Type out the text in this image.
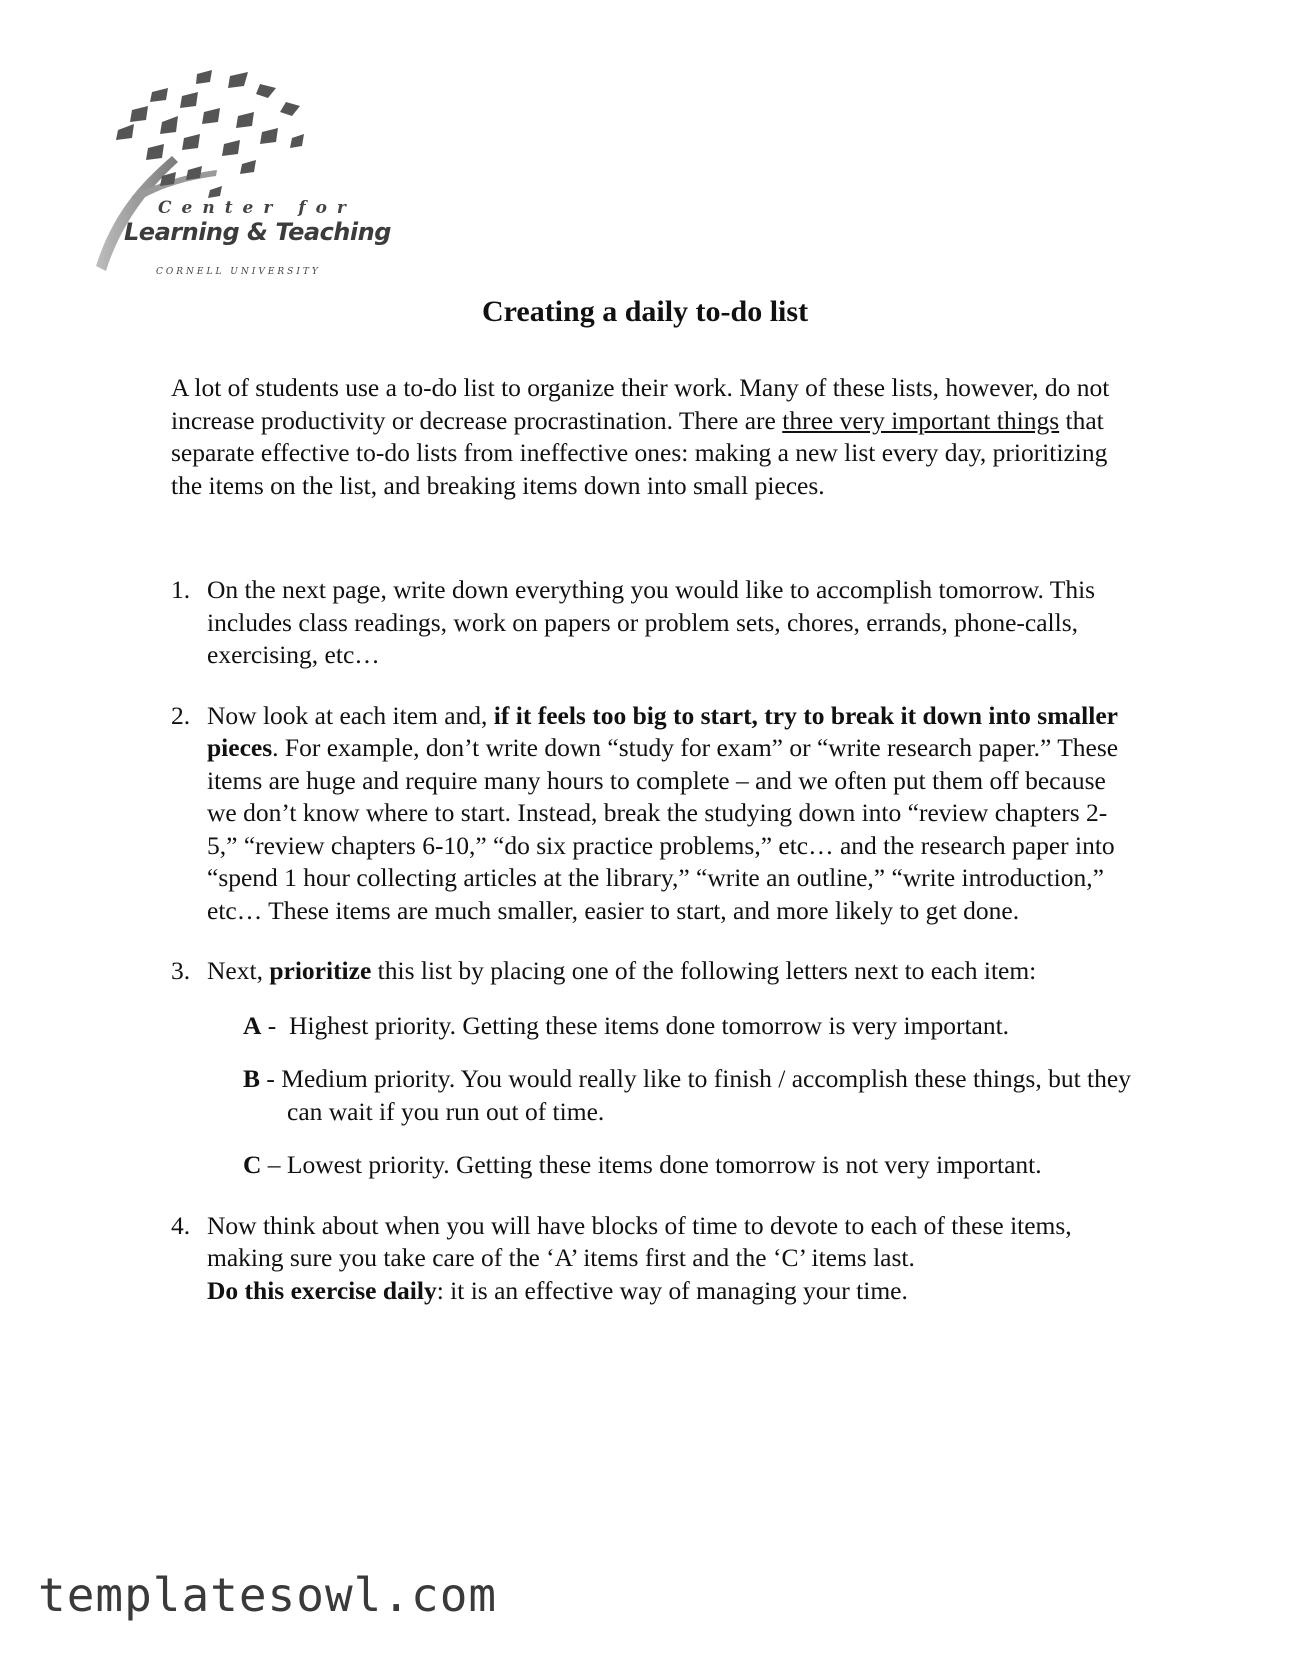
Center for
Learning & Teaching
CORNELL UNIVERSITY
Creating a daily to-do list

A lot of students use a to-do list to organize their work. Many of these lists, however, do not increase productivity or decrease procrastination. There are three very important things that separate effective to-do lists from ineffective ones: making a new list every day, prioritizing the items on the list, and breaking items down into small pieces.

1. On the next page, write down everything you would like to accomplish tomorrow. This includes class readings, work on papers or problem sets, chores, errands, phone-calls, exercising, etc…
2. Now look at each item and, if it feels too big to start, try to break it down into smaller pieces. For example, don’t write down “study for exam” or “write research paper.” These items are huge and require many hours to complete – and we often put them off because we don’t know where to start. Instead, break the studying down into “review chapters 2-5,” “review chapters 6-10,” “do six practice problems,” etc… and the research paper into “spend 1 hour collecting articles at the library,” “write an outline,” “write introduction,” etc… These items are much smaller, easier to start, and more likely to get done.
3. Next, prioritize this list by placing one of the following letters next to each item:
A -  Highest priority. Getting these items done tomorrow is very important.
B - Medium priority. You would really like to finish / accomplish these things, but they can wait if you run out of time.
C – Lowest priority. Getting these items done tomorrow is not very important.
4. Now think about when you will have blocks of time to devote to each of these items, making sure you take care of the ‘A’ items first and the ‘C’ items last.
Do this exercise daily: it is an effective way of managing your time.

templatesowl.com
